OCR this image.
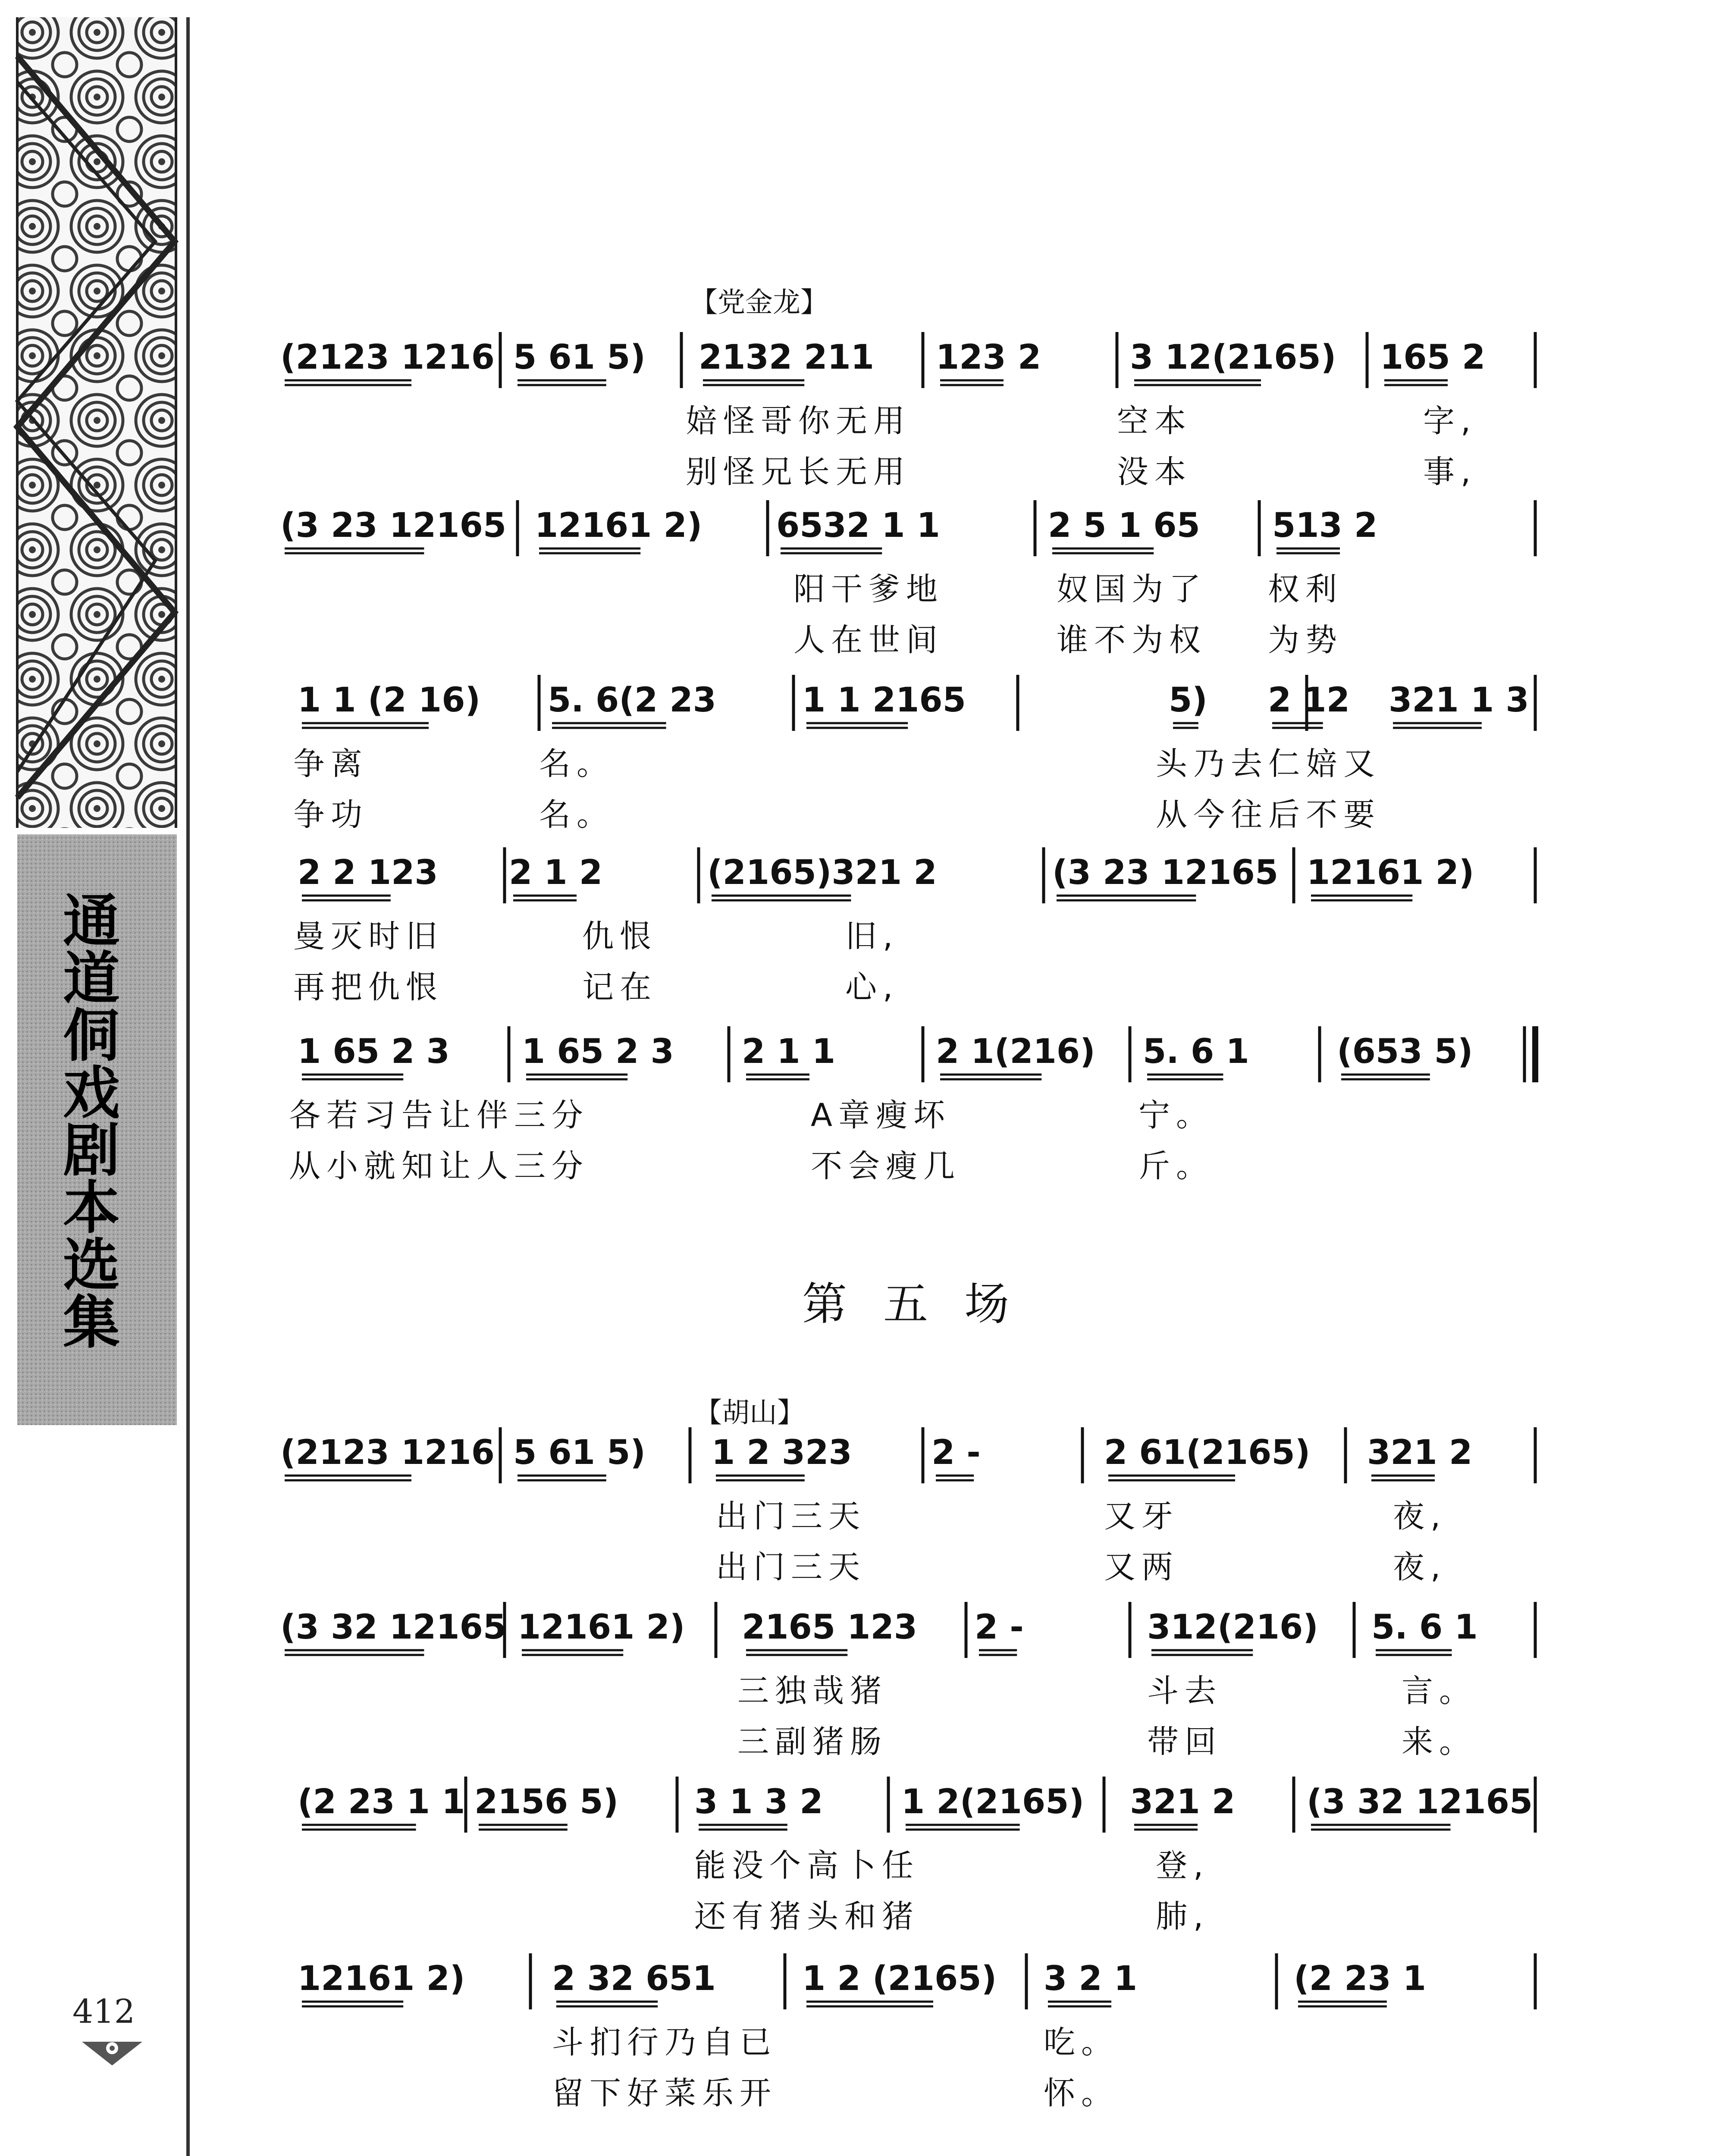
通
道
侗
戏
剧
本
选
集
412
【党金龙】
第五场
【胡山】
(2123 1216 5 61 5) 2132 211 123 2	3 12(2165) 165 2
婄怪哥你无用	空本	字,
别怪兄长无用	没本	事,
(3 23 12165 12161 2) 6532 1 1	2 5 1 65 513 2
阳干爹地	奴国为了 权利
人在世间	谁不为权 为势
1 1 (2 16) 5. 6(2 23	1 1 2165	5) 2 12 321 1 3
争离	名。	头乃去仁婄又
争功	名。	从今往后不要
2 2 123 2 1 2	(2165)321 2	(3 23 12165 12161 2)
曼灭时旧	仇恨	旧,
再把仇恨	记在	心,
1 65 2 3 1 65 2 3 2 1 1	2 1(216) 5. 6 1	(653 5)
各若习告让伴三分	A章瘦坏	宁。
从小就知让人三分	不会瘦几	斤。
(2123 1216 5 61 5) 1 2 323 2 -	2 61(2165) 321 2
出门三天	又牙	夜,
出门三天	又两	夜,
(3 32 12165 12161 2) 2165 123 2 -	312(216) 5. 6 1
三独哉猪	斗去	言。
三副猪肠	带回	来。
(2 23 1 1 2156 5) 3 1 3 2 1 2(2165) 321 2 (3 32 12165
能没个高卜任	登,
还有猪头和猪	肺,
12161 2)	2 32 651	1 2 (2165) 3 2 1	(2 23 1
斗扪行乃自已	吃。
留下好菜乐开	怀。
